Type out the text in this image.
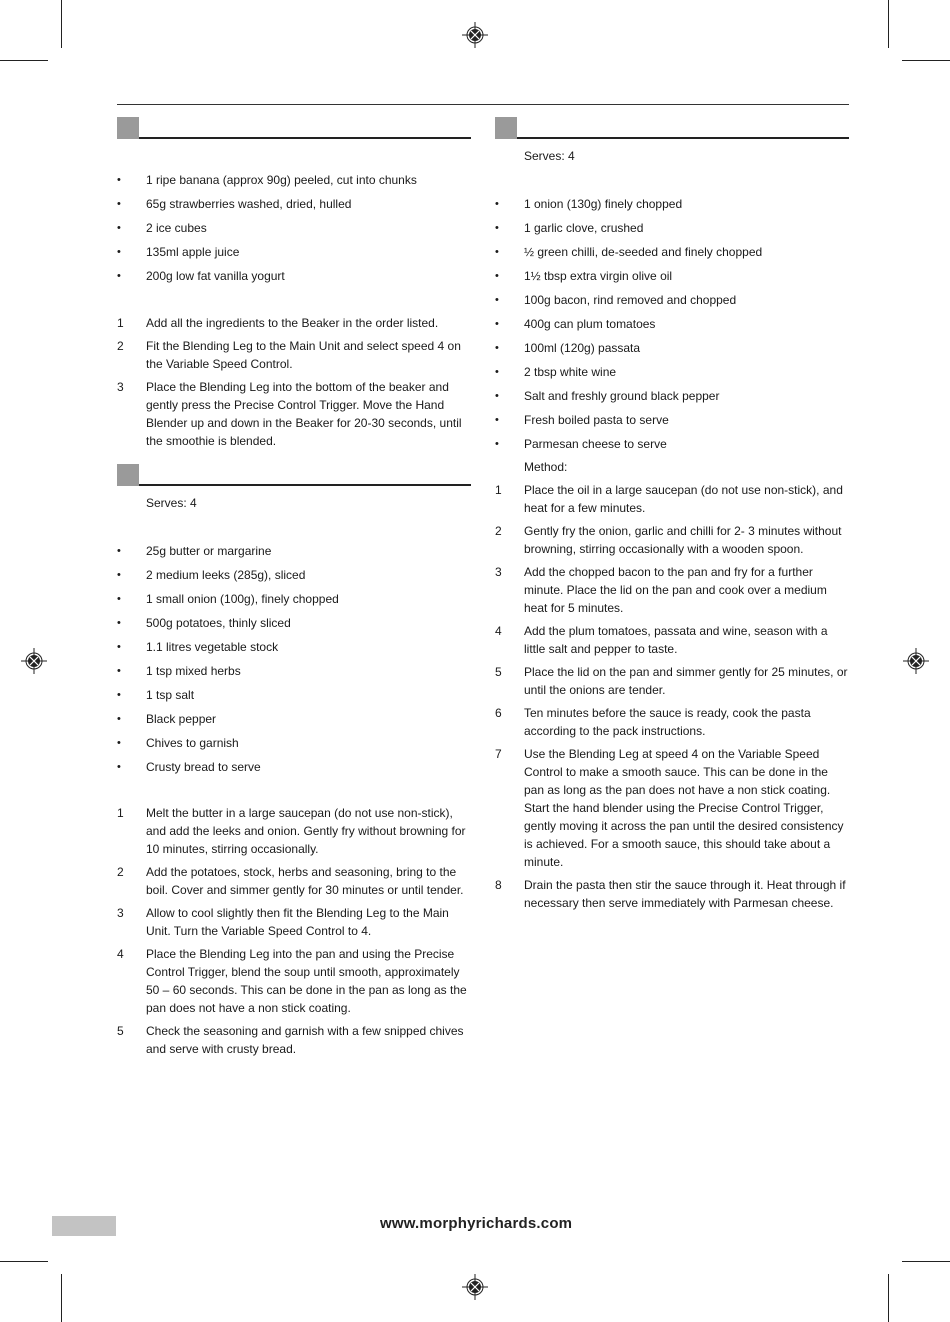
•	1 ripe banana (approx 90g) peeled, cut into chunks
•	65g strawberries washed, dried, hulled
•	2 ice cubes
•	135ml apple juice
•	200g low fat vanilla yogurt
1	Add all the ingredients to the Beaker in the order listed.
2	Fit the Blending Leg to the Main Unit and select speed 4 on the Variable Speed Control.
3	Place the Blending Leg into the bottom of the beaker and gently press the Precise Control Trigger. Move the Hand Blender up and down in the Beaker for 20-30 seconds, until the smoothie is blended.
Serves: 4
•	25g butter or margarine
•	2 medium leeks (285g), sliced
•	1 small onion (100g), finely chopped
•	500g potatoes, thinly sliced
•	1.1 litres vegetable stock
•	1 tsp mixed herbs
•	1 tsp salt
•	Black pepper
•	Chives to garnish
•	Crusty bread to serve
1	Melt the butter in a large saucepan (do not use non-stick), and add the leeks and onion. Gently fry without browning for 10 minutes, stirring occasionally.
2	Add the potatoes, stock, herbs and seasoning, bring to the boil. Cover and simmer gently for 30 minutes or until tender.
3	Allow to cool slightly then fit the Blending Leg to the Main Unit. Turn the Variable Speed Control to 4.
4	Place the Blending Leg into the pan and using the Precise Control Trigger, blend the soup until smooth, approximately 50 – 60 seconds. This can be done in the pan as long as the pan does not have a non stick coating.
5	Check the seasoning and garnish with a few snipped chives and serve with crusty bread.
Serves: 4
•	1 onion (130g) finely chopped
•	1 garlic clove, crushed
•	½ green chilli, de-seeded and finely chopped
•	1½ tbsp extra virgin olive oil
•	100g bacon, rind removed and chopped
•	400g can plum tomatoes
•	100ml (120g) passata
•	2 tbsp white wine
•	Salt and freshly ground black pepper
•	Fresh boiled pasta to serve
•	Parmesan cheese to serve
Method:
1	Place the oil in a large saucepan (do not use non-stick), and heat for a few minutes.
2	Gently fry the onion, garlic and chilli for 2- 3 minutes without browning, stirring occasionally with a wooden spoon.
3	Add the chopped bacon to the pan and fry for a further minute. Place the lid on the pan and cook over a medium heat for 5 minutes.
4	Add the plum tomatoes, passata and wine, season with a little salt and pepper to taste.
5	Place the lid on the pan and simmer gently for 25 minutes, or until the onions are tender.
6	Ten minutes before the sauce is ready, cook the pasta according to the pack instructions.
7	Use the Blending Leg at speed 4 on the Variable Speed Control to make a smooth sauce. This can be done in the pan as long as the pan does not have a non stick coating. Start the hand blender using the Precise Control Trigger, gently moving it across the pan until the desired consistency is achieved. For a smooth sauce, this should take about a minute.
8	Drain the pasta then stir the sauce through it. Heat through if necessary then serve immediately with Parmesan cheese.
www.morphyrichards.com
